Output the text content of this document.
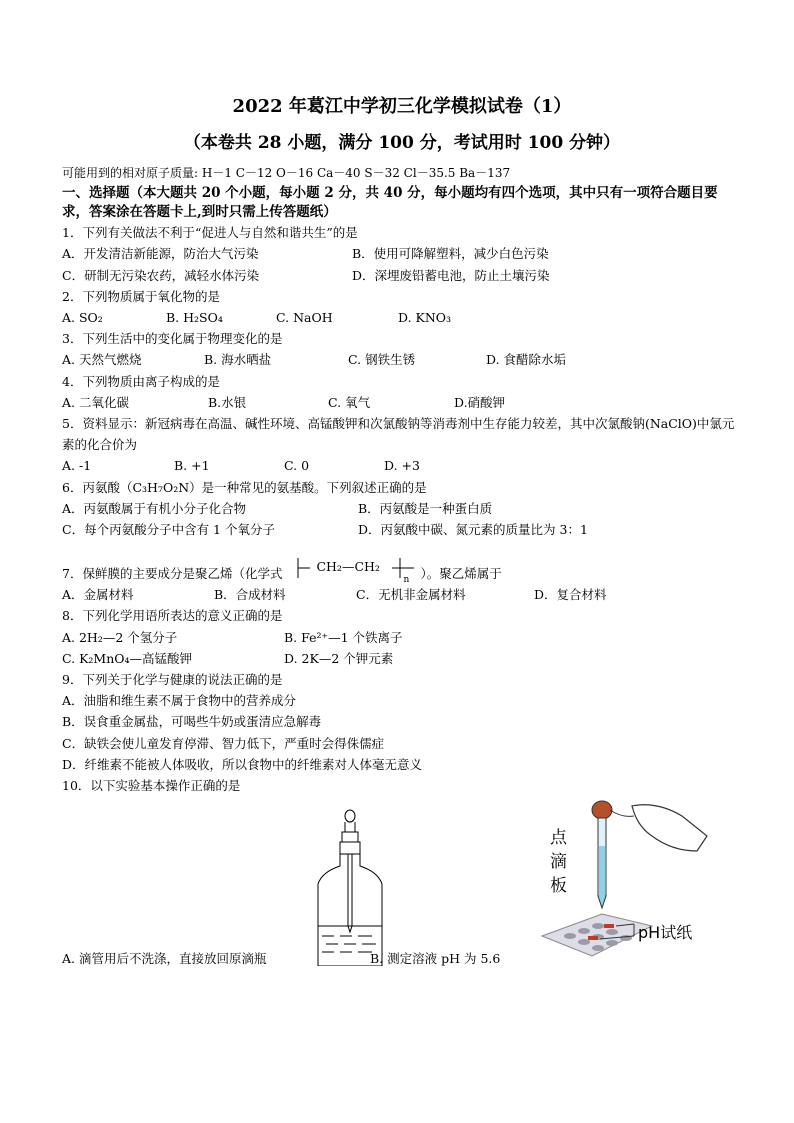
2022 年葛江中学初三化学模拟试卷（1）
（本卷共 28 小题，满分 100 分，考试用时 100 分钟）
可能用到的相对原子质量: H－1 C－12 O－16 Ca－40 S－32 Cl－35.5 Ba－137
一、选择题（本大题共 20 个小题，每小题 2 分，共 40 分，每小题均有四个选项，其中只有一项符合题目要求，答案涂在答题卡上,到时只需上传答题纸）
1．下列有关做法不利于“促进人与自然和谐共生”的是
A．开发清洁新能源，防治大气污染	B．使用可降解塑料，减少白色污染
C．研制无污染农药，减轻水体污染	D．深埋废铅蓄电池，防止土壤污染
2．下列物质属于氧化物的是
A. SO₂	B. H₂SO₄	C. NaOH	D. KNO₃
3．下列生活中的变化属于物理变化的是
A. 天然气燃烧	B. 海水晒盐	C. 钢铁生锈	D. 食醋除水垢
4．下列物质由离子构成的是
A. 二氧化碳	B.水银	C. 氧气	D.硝酸钾
5．资料显示：新冠病毒在高温、碱性环境、高锰酸钾和次氯酸钠等消毒剂中生存能力较差，其中次氯酸钠(NaClO)中氯元素的化合价为
A. -1	B. +1	C. 0	D. +3
6．丙氨酸（C₃H₇O₂N）是一种常见的氨基酸。下列叙述正确的是
A．丙氨酸属于有机小分子化合物	B．丙氨酸是一种蛋白质
C．每个丙氨酸分子中含有 1 个氧分子	D．丙氨酸中碳、氮元素的质量比为 3：1
7．保鲜膜的主要成分是聚乙烯（化学式	CH₂—CH₂
n ）。聚乙烯属于
A．金属材料	B．合成材料	C．无机非金属材料	D．复合材料
8．下列化学用语所表达的意义正确的是
A. 2H₂—2 个氢分子	B. Fe²⁺—1 个铁离子
C. K₂MnO₄—高锰酸钾	D. 2K—2 个钾元素
9．下列关于化学与健康的说法正确的是
A．油脂和维生素不属于食物中的营养成分
B．误食重金属盐，可喝些牛奶或蛋清应急解毒
C．缺铁会使儿童发育停滞、智力低下，严重时会得侏儒症
D．纤维素不能被人体吸收，所以食物中的纤维素对人体毫无意义
10．以下实验基本操作正确的是
点
滴
板
pH试纸
A. 滴管用后不洗涤，直接放回原滴瓶	B. 测定溶液 pH 为 5.6
